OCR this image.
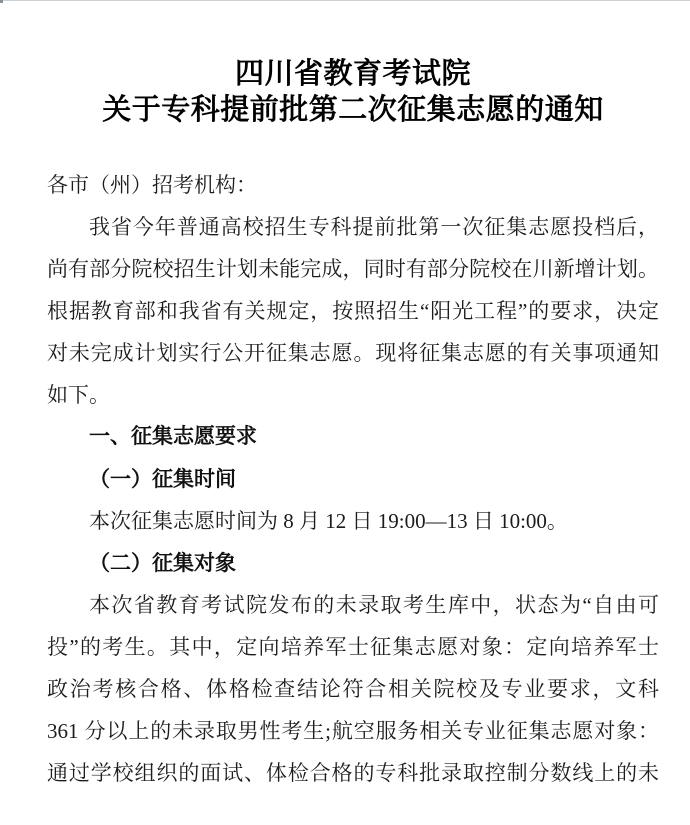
四川省教育考试院
关于专科提前批第二次征集志愿的通知
各市（州）招考机构：
我省今年普通高校招生专科提前批第一次征集志愿投档后，
尚有部分院校招生计划未能完成，同时有部分院校在川新增计划。
根据教育部和我省有关规定，按照招生“阳光工程”的要求，决定
对未完成计划实行公开征集志愿。现将征集志愿的有关事项通知
如下。
一、征集志愿要求
（一）征集时间
本次征集志愿时间为 8 月 12 日 19:00—13 日 10:00。
（二）征集对象
本次省教育考试院发布的未录取考生库中，状态为“自由可
投”的考生。其中，定向培养军士征集志愿对象：定向培养军士
政治考核合格、体格检查结论符合相关院校及专业要求，文科
361 分以上的未录取男性考生;航空服务相关专业征集志愿对象：
通过学校组织的面试、体检合格的专科批录取控制分数线上的未
